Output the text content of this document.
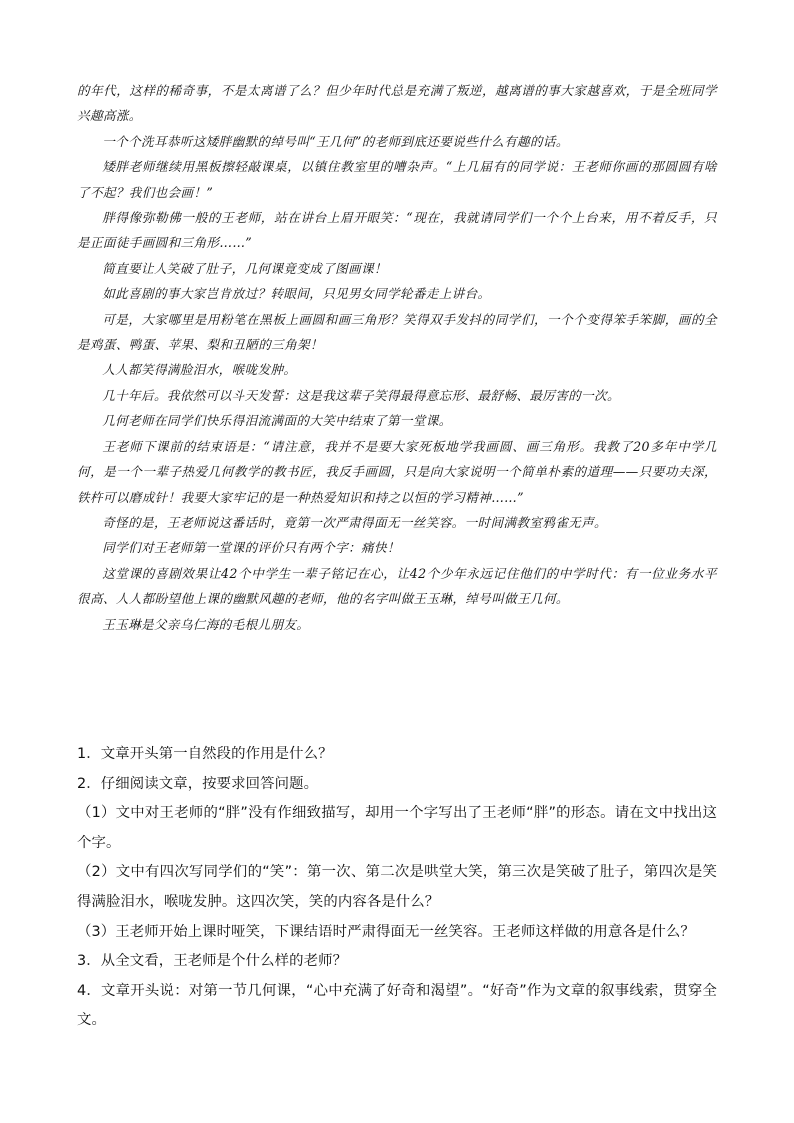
的年代，这样的稀奇事，不是太离谱了么？但少年时代总是充满了叛逆，越离谱的事大家越喜欢，于是全班同学兴趣高涨。

一个个洗耳恭听这矮胖幽默的绰号叫“王几何”的老师到底还要说些什么有趣的话。

矮胖老师继续用黑板擦轻敲课桌，以镇住教室里的嘈杂声。“上几届有的同学说：王老师你画的那圆圆有啥了不起？我们也会画！”

胖得像弥勒佛一般的王老师，站在讲台上眉开眼笑：“现在，我就请同学们一个个上台来，用不着反手，只是正面徒手画圆和三角形……”

简直要让人笑破了肚子，几何课竟变成了图画课！

如此喜剧的事大家岂肯放过？转眼间，只见男女同学轮番走上讲台。

可是，大家哪里是用粉笔在黑板上画圆和画三角形？笑得双手发抖的同学们，一个个变得笨手笨脚，画的全是鸡蛋、鸭蛋、苹果、梨和丑陋的三角架！

人人都笑得满脸泪水，喉咙发肿。

几十年后。我依然可以斗天发誓：这是我这辈子笑得最得意忘形、最舒畅、最厉害的一次。

几何老师在同学们快乐得泪流满面的大笑中结束了第一堂课。

王老师下课前的结束语是：“请注意，我并不是要大家死板地学我画圆、画三角形。我教了20多年中学几何，是一个一辈子热爱几何教学的教书匠，我反手画圆，只是向大家说明一个简单朴素的道理——只要功夫深，铁杵可以磨成针！我要大家牢记的是一种热爱知识和持之以恒的学习精神……”

奇怪的是，王老师说这番话时，竟第一次严肃得面无一丝笑容。一时间满教室鸦雀无声。

同学们对王老师第一堂课的评价只有两个字：痛快！

这堂课的喜剧效果让42个中学生一辈子铭记在心，让42个少年永远记住他们的中学时代：有一位业务水平很高、人人都盼望他上课的幽默风趣的老师，他的名字叫做王玉琳，绰号叫做王几何。

王玉琳是父亲乌仁海的毛根儿朋友。

1．文章开头第一自然段的作用是什么？

2．仔细阅读文章，按要求回答问题。

（1）文中对王老师的“胖”没有作细致描写，却用一个字写出了王老师“胖”的形态。请在文中找出这个字。

（2）文中有四次写同学们的“笑”：第一次、第二次是哄堂大笑，第三次是笑破了肚子，第四次是笑得满脸泪水，喉咙发肿。这四次笑，笑的内容各是什么？

（3）王老师开始上课时哑笑，下课结语时严肃得面无一丝笑容。王老师这样做的用意各是什么？

3．从全文看，王老师是个什么样的老师？

4．文章开头说：对第一节几何课，“心中充满了好奇和渴望”。“好奇”作为文章的叙事线索，贯穿全文。
